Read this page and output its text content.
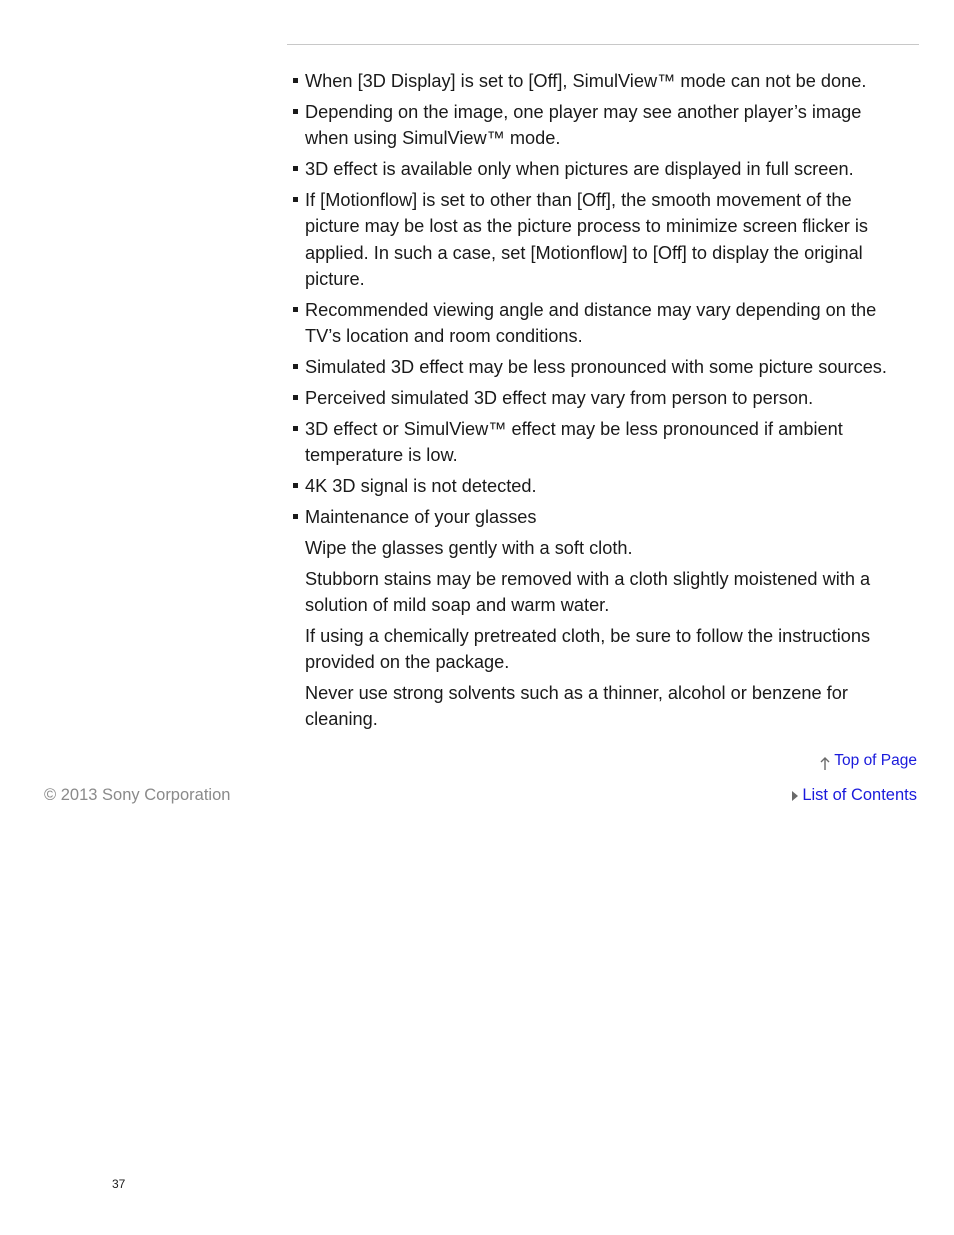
When [3D Display] is set to [Off], SimulView™ mode can not be done.
Depending on the image, one player may see another player’s image when using SimulView™ mode.
3D effect is available only when pictures are displayed in full screen.
If [Motionflow] is set to other than [Off], the smooth movement of the picture may be lost as the picture process to minimize screen flicker is applied. In such a case, set [Motionflow] to [Off] to display the original picture.
Recommended viewing angle and distance may vary depending on the TV’s location and room conditions.
Simulated 3D effect may be less pronounced with some picture sources.
Perceived simulated 3D effect may vary from person to person.
3D effect or SimulView™ effect may be less pronounced if ambient temperature is low.
4K 3D signal is not detected.
Maintenance of your glasses

Wipe the glasses gently with a soft cloth.

Stubborn stains may be removed with a cloth slightly moistened with a solution of mild soap and warm water.

If using a chemically pretreated cloth, be sure to follow the instructions provided on the package.

Never use strong solvents such as a thinner, alcohol or benzene for cleaning.

Top of Page
List of Contents
© 2013 Sony Corporation
37
